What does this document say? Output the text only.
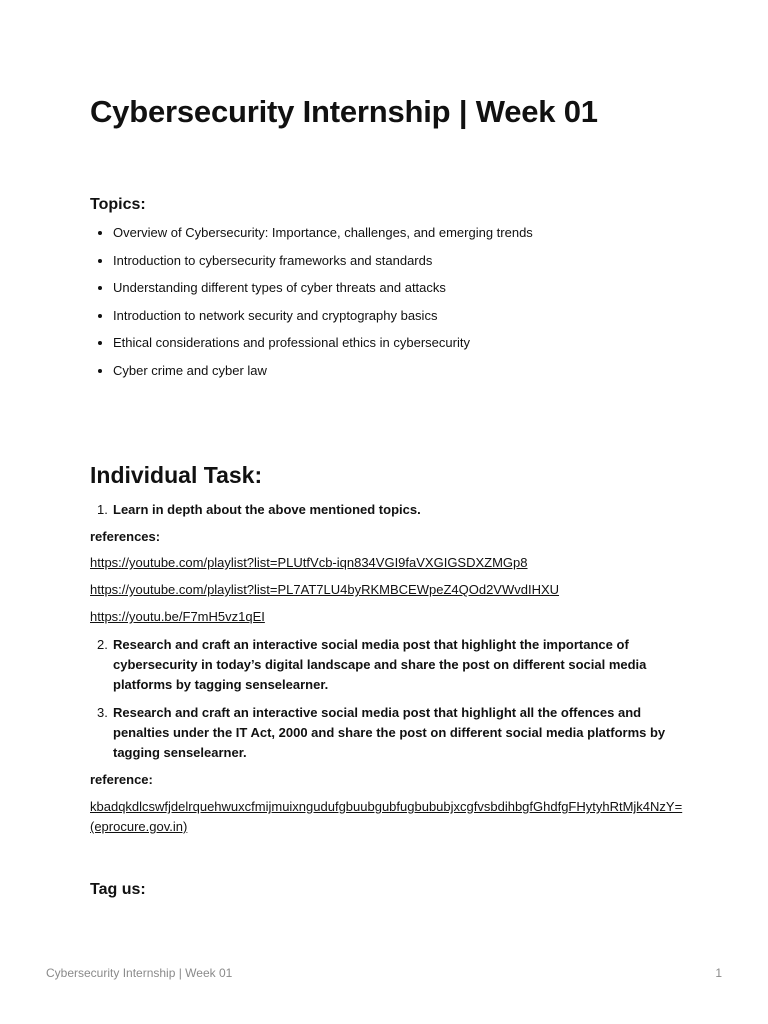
Cybersecurity Internship | Week 01
Topics:
Overview of Cybersecurity: Importance, challenges, and emerging trends
Introduction to cybersecurity frameworks and standards
Understanding different types of cyber threats and attacks
Introduction to network security and cryptography basics
Ethical considerations and professional ethics in cybersecurity
Cyber crime and cyber law
Individual Task:
1. Learn in depth about the above mentioned topics.
references:
https://youtube.com/playlist?list=PLUtfVcb-iqn834VGI9faVXGIGSDXZMGp8
https://youtube.com/playlist?list=PL7AT7LU4byRKMBCEWpeZ4QOd2VWvdIHXU
https://youtu.be/F7mH5vz1qEI
2. Research and craft an interactive social media post that highlight the importance of cybersecurity in today’s digital landscape and share the post on different social media platforms by tagging senselearner.
3. Research and craft an interactive social media post that highlight all the offences and penalties under the IT Act, 2000 and share the post on different social media platforms by tagging senselearner.
reference:
kbadqkdlcswfjdelrquehwuxcfmijmuixngudufgbuubgubfugbububjxcgfvsbdihbgfGhdfgFHytyhRtMjk4NzY=
(eprocure.gov.in)
Tag us:
Cybersecurity Internship | Week 01	1
